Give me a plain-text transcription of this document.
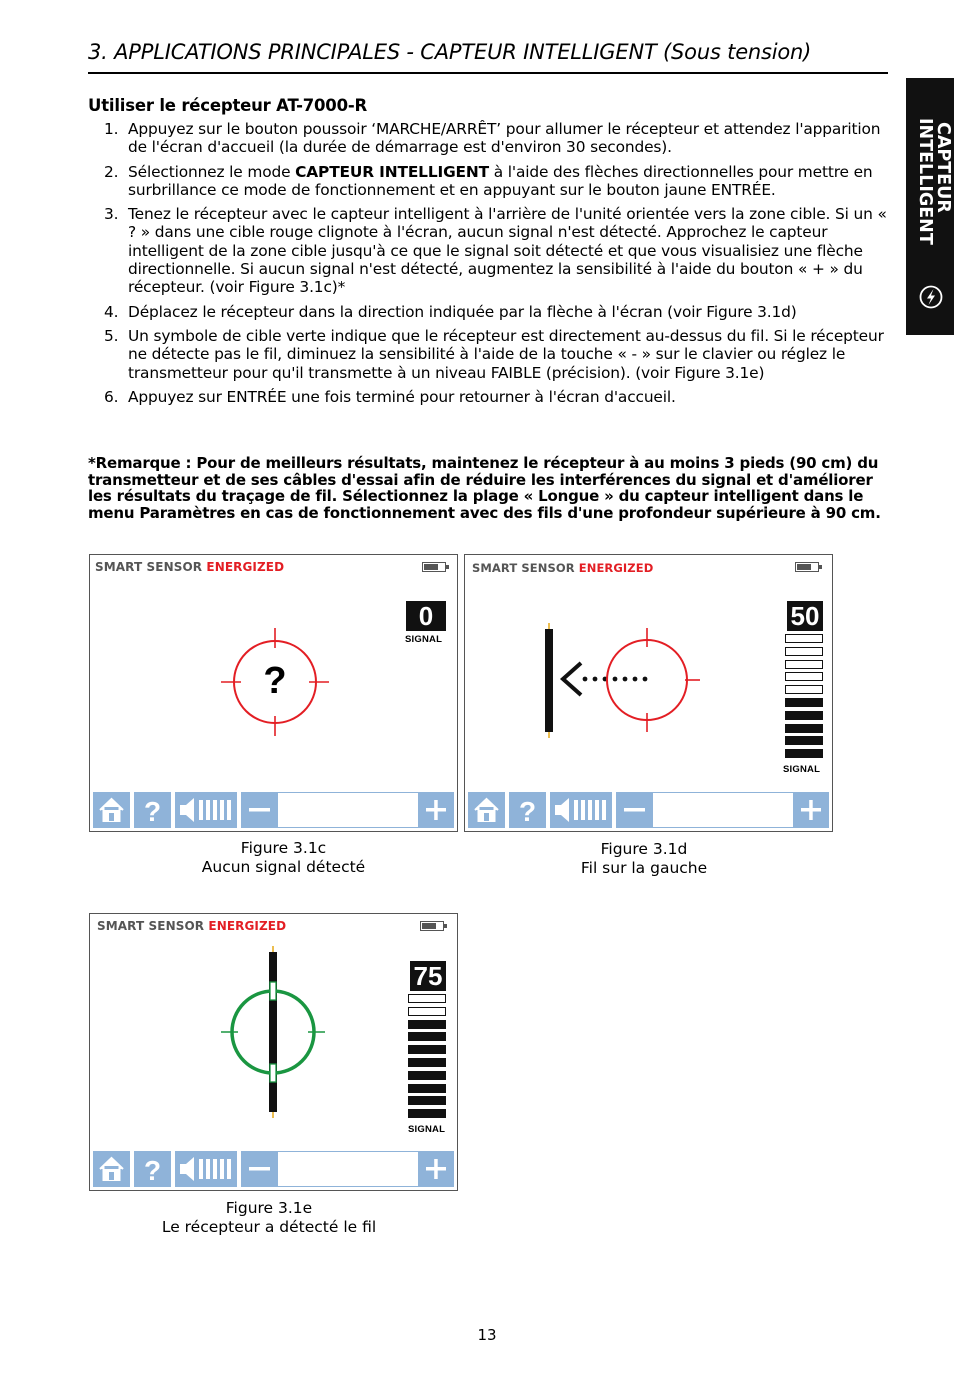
3. APPLICATIONS PRINCIPALES - CAPTEUR INTELLIGENT (Sous tension)
CAPTEUR
INTELLIGENT
Utiliser le récepteur AT-7000-R
1. Appuyez sur le bouton poussoir ‘MARCHE/ARRÊT’ pour allumer le récepteur et attendez l'apparition de l'écran d'accueil (la durée de démarrage est d'environ 30 secondes).
2. Sélectionnez le mode CAPTEUR INTELLIGENT à l'aide des flèches directionnelles pour mettre en surbrillance ce mode de fonctionnement et en appuyant sur le bouton jaune ENTRÉE.
3. Tenez le récepteur avec le capteur intelligent à l'arrière de l'unité orientée vers la zone cible. Si un « ? » dans une cible rouge clignote à l'écran, aucun signal n'est détecté. Approchez le capteur intelligent de la zone cible jusqu'à ce que le signal soit détecté et que vous visualisiez une flèche directionnelle. Si aucun signal n'est détecté, augmentez la sensibilité à l'aide du bouton « + » du récepteur. (voir Figure 3.1c)*
4. Déplacez le récepteur dans la direction indiquée par la flèche à l'écran (voir Figure 3.1d)
5. Un symbole de cible verte indique que le récepteur est directement au-dessus du fil. Si le récepteur ne détecte pas le fil, diminuez la sensibilité à l'aide de la touche « - » sur le clavier ou réglez le transmetteur pour qu'il transmette à un niveau FAIBLE (précision). (voir Figure 3.1e)
6. Appuyez sur ENTRÉE une fois terminé pour retourner à l'écran d'accueil.
*Remarque : Pour de meilleurs résultats, maintenez le récepteur à au moins 3 pieds (90 cm) du transmetteur et de ses câbles d'essai afin de réduire les interférences du signal et d'améliorer les résultats du traçage de fil. Sélectionnez la plage « Longue » du capteur intelligent dans le menu Paramètres en cas de fonctionnement avec des fils d'une profondeur supérieure à 90 cm.
SMART SENSOR ENERGIZED
0
SIGNAL
?
?
Figure 3.1c
Aucun signal détecté
SMART SENSOR ENERGIZED
50
SIGNAL
?
Figure 3.1d
Fil sur la gauche
SMART SENSOR ENERGIZED
75
SIGNAL
?
Figure 3.1e
Le récepteur a détecté le fil
13
